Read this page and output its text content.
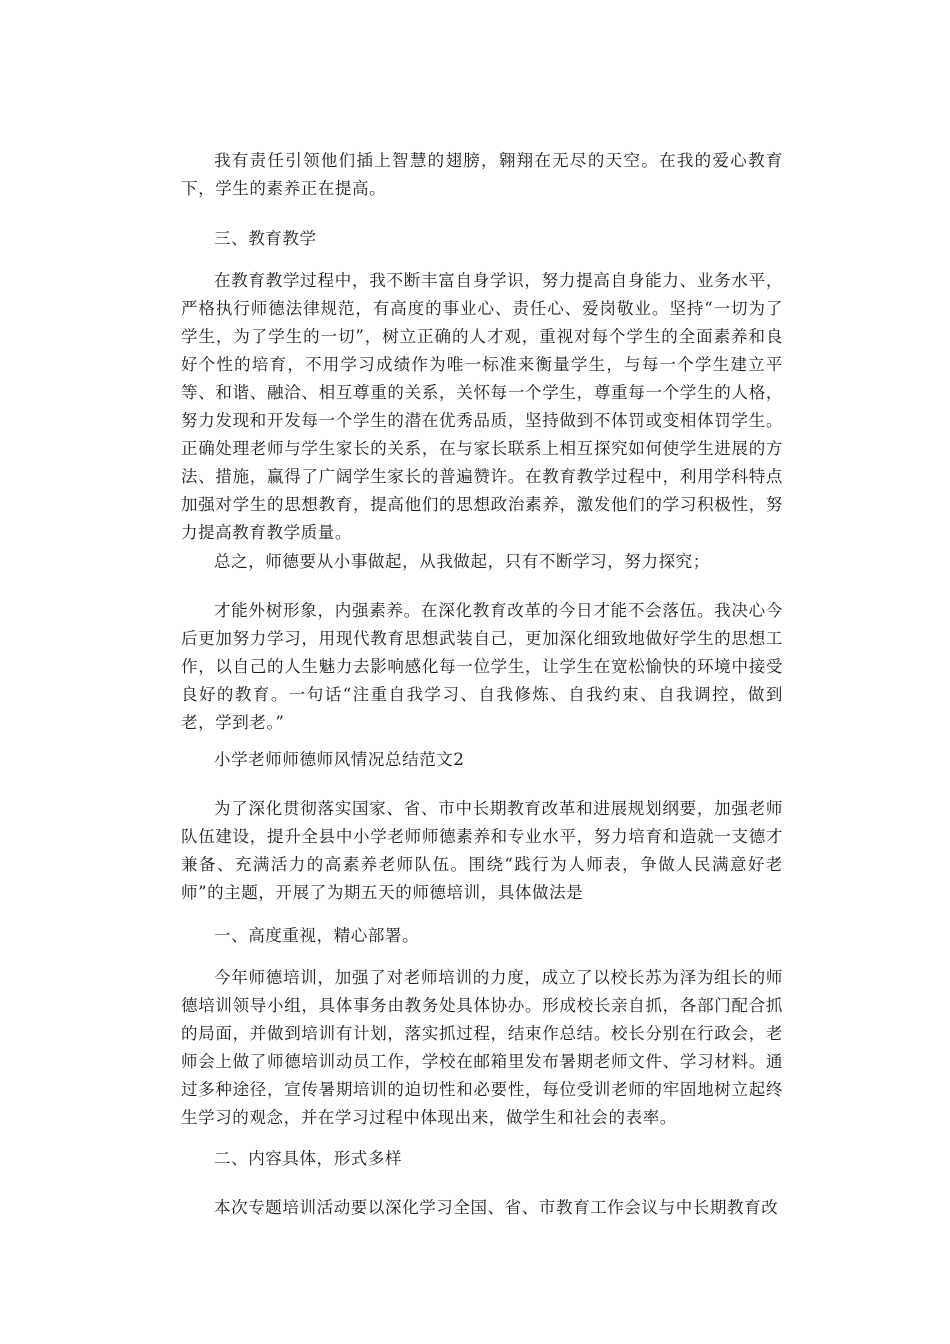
我有责任引领他们插上智慧的翅膀，翱翔在无尽的天空。在我的爱心教育下，学生的素养正在提高。

三、教育教学

在教育教学过程中，我不断丰富自身学识，努力提高自身能力、业务水平，严格执行师德法律规范，有高度的事业心、责任心、爱岗敬业。坚持“一切为了学生，为了学生的一切”，树立正确的人才观，重视对每个学生的全面素养和良好个性的培育，不用学习成绩作为唯一标准来衡量学生，与每一个学生建立平等、和谐、融洽、相互尊重的关系，关怀每一个学生，尊重每一个学生的人格，努力发现和开发每一个学生的潜在优秀品质，坚持做到不体罚或变相体罚学生。正确处理老师与学生家长的关系，在与家长联系上相互探究如何使学生进展的方法、措施，赢得了广阔学生家长的普遍赞许。在教育教学过程中，利用学科特点加强对学生的思想教育，提高他们的思想政治素养，激发他们的学习积极性，努力提高教育教学质量。

总之，师德要从小事做起，从我做起，只有不断学习，努力探究；

才能外树形象，内强素养。在深化教育改革的今日才能不会落伍。我决心今后更加努力学习，用现代教育思想武装自己，更加深化细致地做好学生的思想工作，以自己的人生魅力去影响感化每一位学生，让学生在宽松愉快的环境中接受良好的教育。一句话“注重自我学习、自我修炼、自我约束、自我调控，做到老，学到老。”

小学老师师德师风情况总结范文2

为了深化贯彻落实国家、省、市中长期教育改革和进展规划纲要，加强老师队伍建设，提升全县中小学老师师德素养和专业水平，努力培育和造就一支德才兼备、充满活力的高素养老师队伍。围绕“践行为人师表，争做人民满意好老师”的主题，开展了为期五天的师德培训，具体做法是

一、高度重视，精心部署。

今年师德培训，加强了对老师培训的力度，成立了以校长苏为泽为组长的师德培训领导小组，具体事务由教务处具体协办。形成校长亲自抓，各部门配合抓的局面，并做到培训有计划，落实抓过程，结束作总结。校长分别在行政会，老师会上做了师德培训动员工作，学校在邮箱里发布暑期老师文件、学习材料。通过多种途径，宣传暑期培训的迫切性和必要性，每位受训老师的牢固地树立起终生学习的观念，并在学习过程中体现出来，做学生和社会的表率。

二、内容具体，形式多样

本次专题培训活动要以深化学习全国、省、市教育工作会议与中长期教育改
